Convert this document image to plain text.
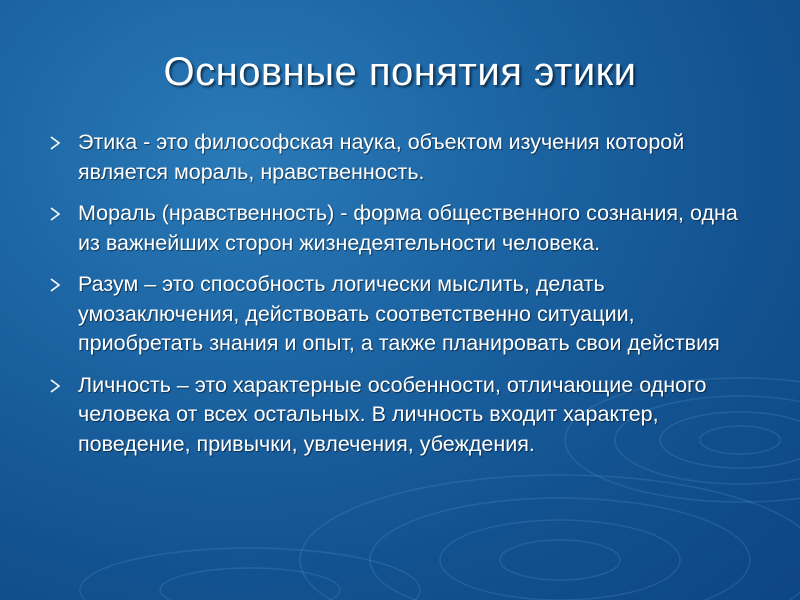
Основные понятия этики
Этика - это философская наука, объектом изучения которой является мораль, нравственность.
Мораль (нравственность) - форма общественного сознания, одна из важнейших сторон жизнедеятельности человека.
Разум – это способность логически мыслить, делать умозаключения, действовать соответственно ситуации, приобретать знания и опыт, а также планировать свои действия
Личность – это характерные особенности, отличающие одного человека от всех остальных. В личность входит характер, поведение, привычки, увлечения, убеждения.
